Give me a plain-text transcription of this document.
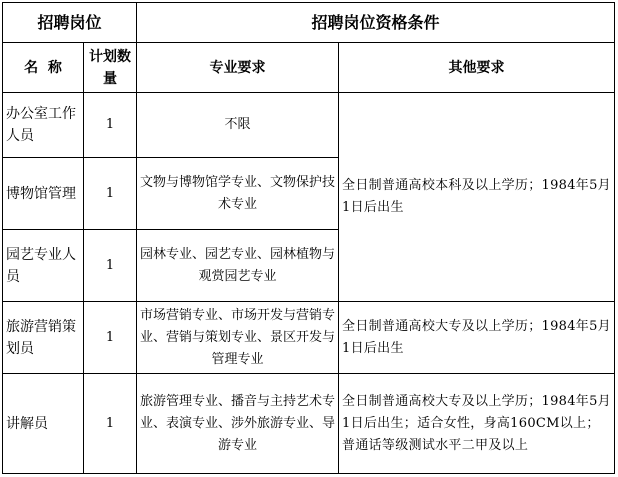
招聘岗位		招聘岗位资格条件	
名  称	计划数量	专业要求	其他要求
办公室工作人员	1	不限	全日制普通高校本科及以上学历；1984年5月1日后出生
博物馆管理	1	文物与博物馆学专业、文物保护技术专业	
园艺专业人员	1	园林专业、园艺专业、园林植物与观赏园艺专业	
旅游营销策划员	1	市场营销专业、市场开发与营销专业、营销与策划专业、景区开发与管理专业	全日制普通高校大专及以上学历；1984年5月1日后出生
讲解员	1	旅游管理专业、播音与主持艺术专业、表演专业、涉外旅游专业、导游专业	全日制普通高校大专及以上学历；1984年5月1日后出生；适合女性，身高160CM以上；普通话等级测试水平二甲及以上
